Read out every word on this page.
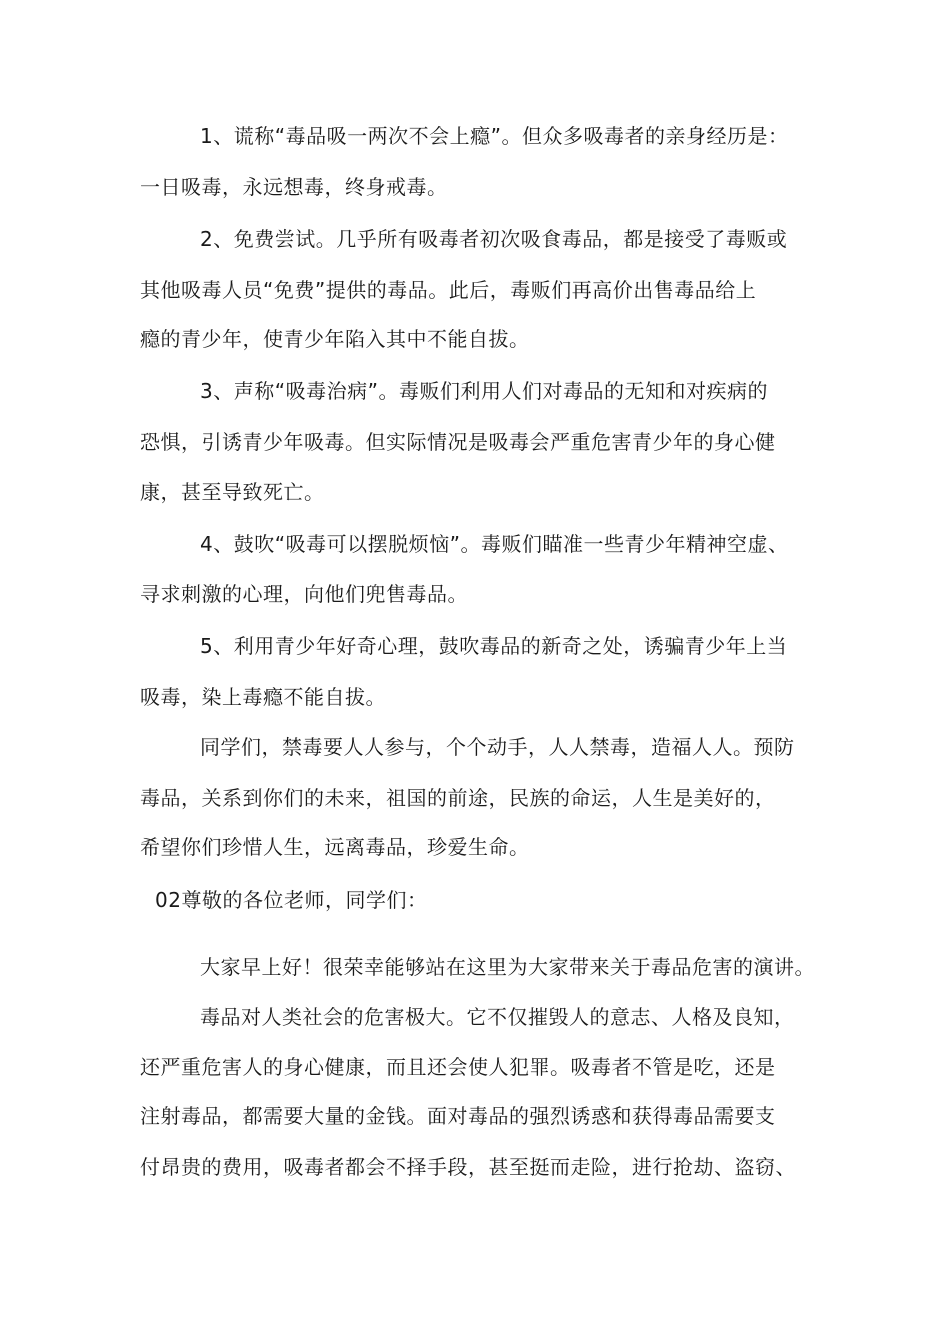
1、谎称“毒品吸一两次不会上瘾”。但众多吸毒者的亲身经历是：
一日吸毒，永远想毒，终身戒毒。
2、免费尝试。几乎所有吸毒者初次吸食毒品，都是接受了毒贩或
其他吸毒人员“免费”提供的毒品。此后，毒贩们再高价出售毒品给上
瘾的青少年，使青少年陷入其中不能自拔。
3、声称“吸毒治病”。毒贩们利用人们对毒品的无知和对疾病的
恐惧，引诱青少年吸毒。但实际情况是吸毒会严重危害青少年的身心健
康，甚至导致死亡。
4、鼓吹“吸毒可以摆脱烦恼”。毒贩们瞄准一些青少年精神空虚、
寻求刺激的心理，向他们兜售毒品。
5、利用青少年好奇心理，鼓吹毒品的新奇之处，诱骗青少年上当
吸毒，染上毒瘾不能自拔。
同学们，禁毒要人人参与，个个动手，人人禁毒，造福人人。预防
毒品，关系到你们的未来，祖国的前途，民族的命运，人生是美好的，
希望你们珍惜人生，远离毒品，珍爱生命。
02尊敬的各位老师，同学们：
大家早上好！很荣幸能够站在这里为大家带来关于毒品危害的演讲。
毒品对人类社会的危害极大。它不仅摧毁人的意志、人格及良知，
还严重危害人的身心健康，而且还会使人犯罪。吸毒者不管是吃，还是
注射毒品，都需要大量的金钱。面对毒品的强烈诱惑和获得毒品需要支
付昂贵的费用，吸毒者都会不择手段，甚至挺而走险，进行抢劫、盗窃、
